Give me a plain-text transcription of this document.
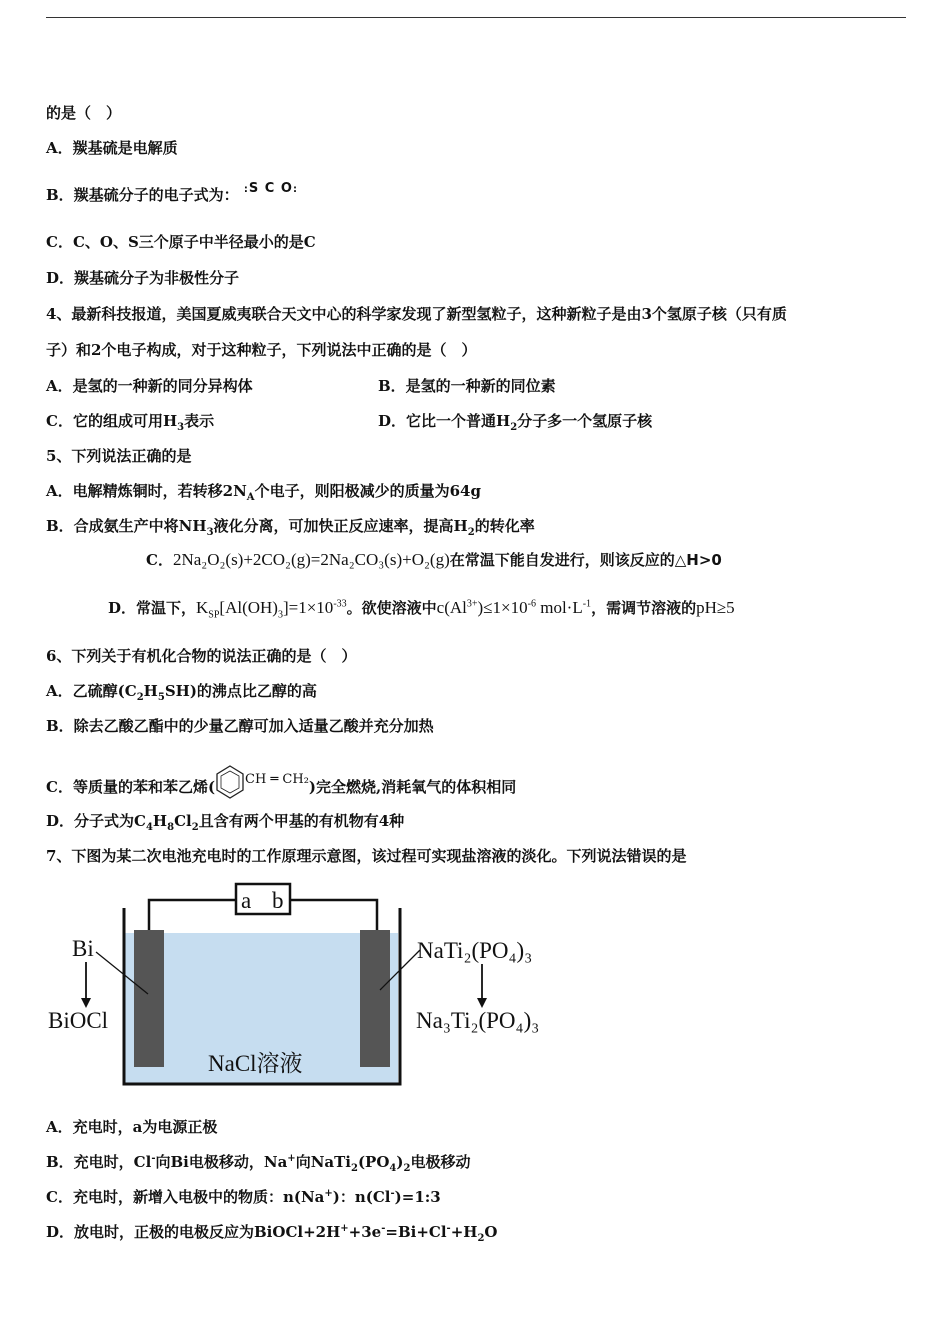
的是（　）
A．羰基硫是电解质
B．羰基硫分子的电子式为： :S C O:
C．C、O、S三个原子中半径最小的是C
D．羰基硫分子为非极性分子
4、最新科技报道，美国夏威夷联合天文中心的科学家发现了新型氢粒子，这种新粒子是由3个氢原子核（只有质
子）和2个电子构成，对于这种粒子，下列说法中正确的是（　）
A．是氢的一种新的同分异构体	B．是氢的一种新的同位素
C．它的组成可用$H_3$表示	D．它比一个普通$H_2$分子多一个氢原子核
5、下列说法正确的是
A．电解精炼铜时，若转移$2N_A$个电子，则阳极减少的质量为64g
B．合成氨生产中将$NH_3$液化分离，可加快正反应速率，提高$H_2$的转化率
C．2Na₂O₂(s)+2CO₂(g)=2Na₂CO₃(s)+O₂(g)在常温下能自发进行，则该反应的△H>0
D．常温下，$K_{SP}[Al(OH)_3]=1\times 10^{-33}$。欲使溶液中$c(Al^{3+})\le 1\times 10^{-6}$ $mol\cdot L^{-1}$，需调节溶液的pH≥5
6、下列关于有机化合物的说法正确的是（　）
A．乙硫醇$(C_2H_5SH)$的沸点比乙醇的高
B．除去乙酸乙酯中的少量乙醇可加入适量乙酸并充分加热
C．等质量的苯和苯乙烯( CH ═ CH₂)完全燃烧,消耗氧气的体积相同
D．分子式为$C_4H_8Cl_2$且含有两个甲基的有机物有4种
7、下图为某二次电池充电时的工作原理示意图，该过程可实现盐溶液的淡化。下列说法错误的是
a b
Bi
BiOCl
NaTi₂(PO₄)₃
Na₃Ti₂(PO₄)₃
NaCl溶液
A．充电时，a为电源正极
B．充电时，Cl-向Bi电极移动，Na+向$NaTi_2(PO_4)_2$电极移动
C．充电时，新增入电极中的物质：n(Na+)：n(Cl-)=1:3
D．放电时，正极的电极反应为$BiOCl+2H^++3e^-=Bi+Cl^-+H_2O$
